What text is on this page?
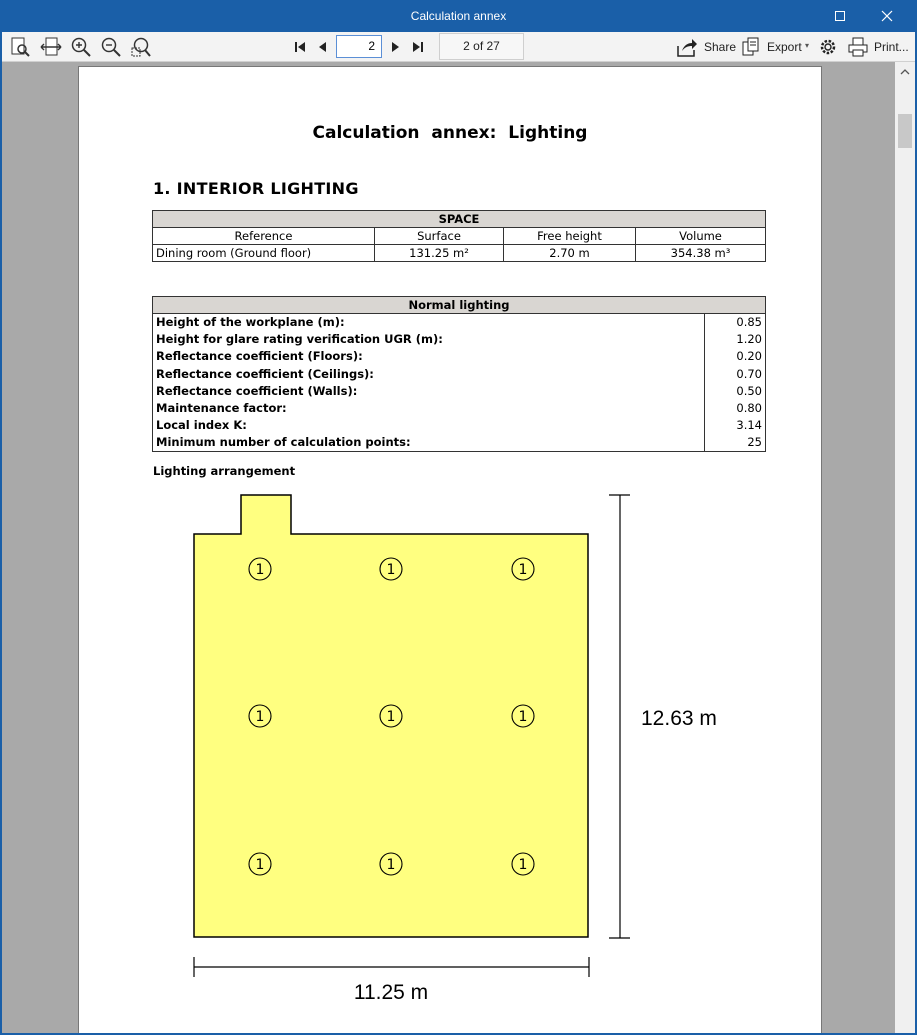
Calculation annex
2	2 of 27	Share	Export ▾	Print...
Calculation annex: Lighting
1. INTERIOR LIGHTING
SPACE			
Reference	Surface	Free height	Volume
Dining room (Ground floor)	131.25 m²	2.70 m	354.38 m³
Normal lighting	
Height of the workplane (m):	0.85
Height for glare rating verification UGR (m):	1.20
Reflectance coefficient (Floors):	0.20
Reflectance coefficient (Ceilings):	0.70
Reflectance coefficient (Walls):	0.50
Maintenance factor:	0.80
Local index K:	3.14
Minimum number of calculation points:	25
Lighting arrangement
1	1	1
1	1	1
1	1	1
12.63 m
11.25 m
